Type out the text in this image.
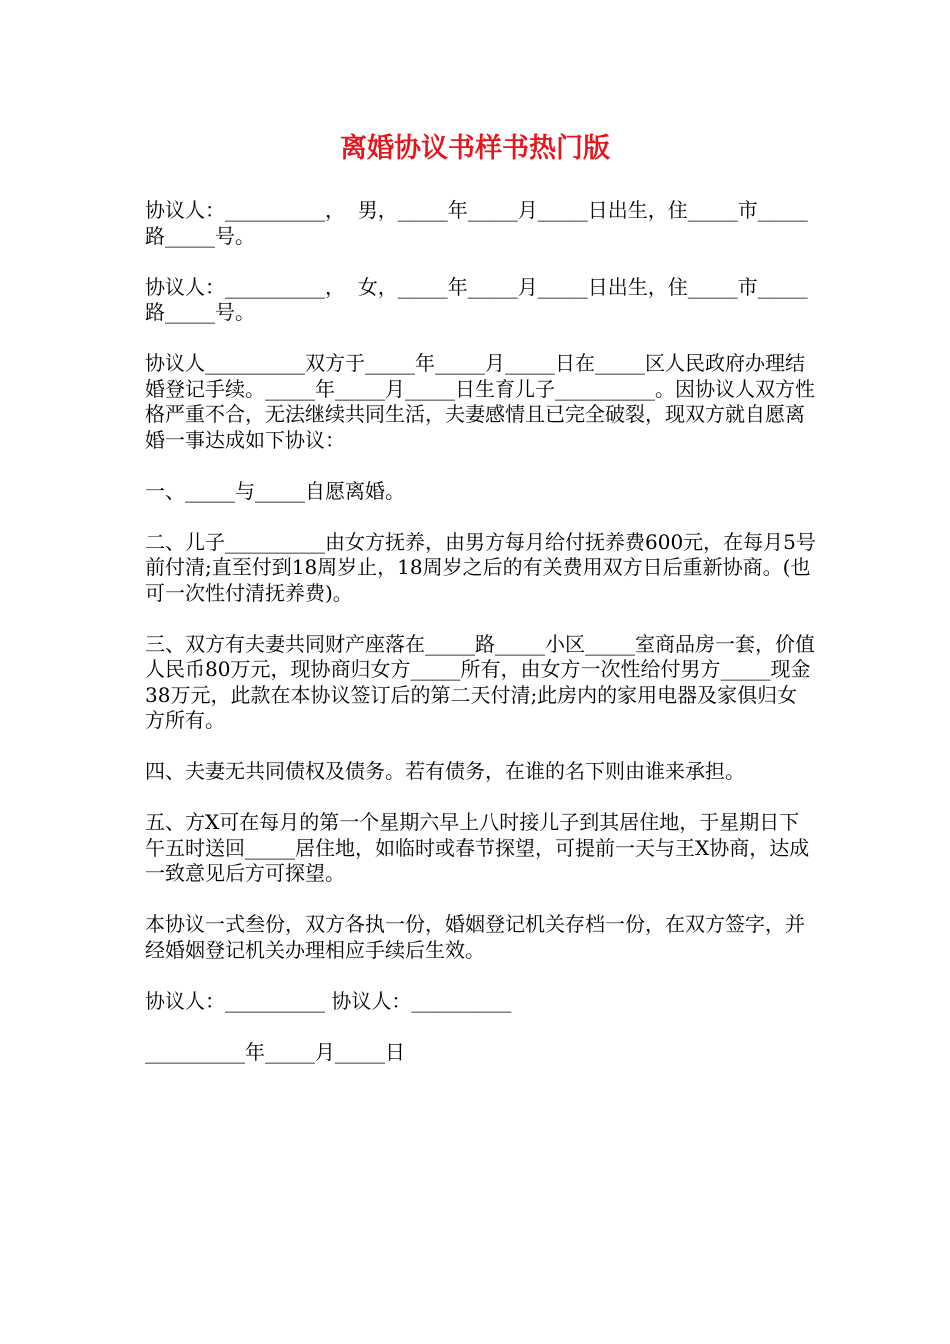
离婚协议书样书热门版

协议人：__________，  男，_____年_____月_____日出生，住_____市_____路_____号。

协议人：__________，  女，_____年_____月_____日出生，住_____市_____路_____号。

协议人__________双方于_____年_____月_____日在_____区人民政府办理结婚登记手续。_____年_____月_____日生育儿子__________。因协议人双方性格严重不合，无法继续共同生活，夫妻感情且已完全破裂，现双方就自愿离婚一事达成如下协议：

一、_____与_____自愿离婚。

二、儿子__________由女方抚养，由男方每月给付抚养费600元，在每月5号前付清;直至付到18周岁止，18周岁之后的有关费用双方日后重新协商。(也可一次性付清抚养费)。

三、双方有夫妻共同财产座落在_____路_____小区_____室商品房一套，价值人民币80万元，现协商归女方_____所有，由女方一次性给付男方_____现金38万元，此款在本协议签订后的第二天付清;此房内的家用电器及家俱归女方所有。

四、夫妻无共同债权及债务。若有债务，在谁的名下则由谁来承担。

五、方X可在每月的第一个星期六早上八时接儿子到其居住地，于星期日下午五时送回_____居住地，如临时或春节探望，可提前一天与王X协商，达成一致意见后方可探望。

本协议一式叁份，双方各执一份，婚姻登记机关存档一份，在双方签字，并经婚姻登记机关办理相应手续后生效。

协议人：__________ 协议人：__________

__________年_____月_____日
